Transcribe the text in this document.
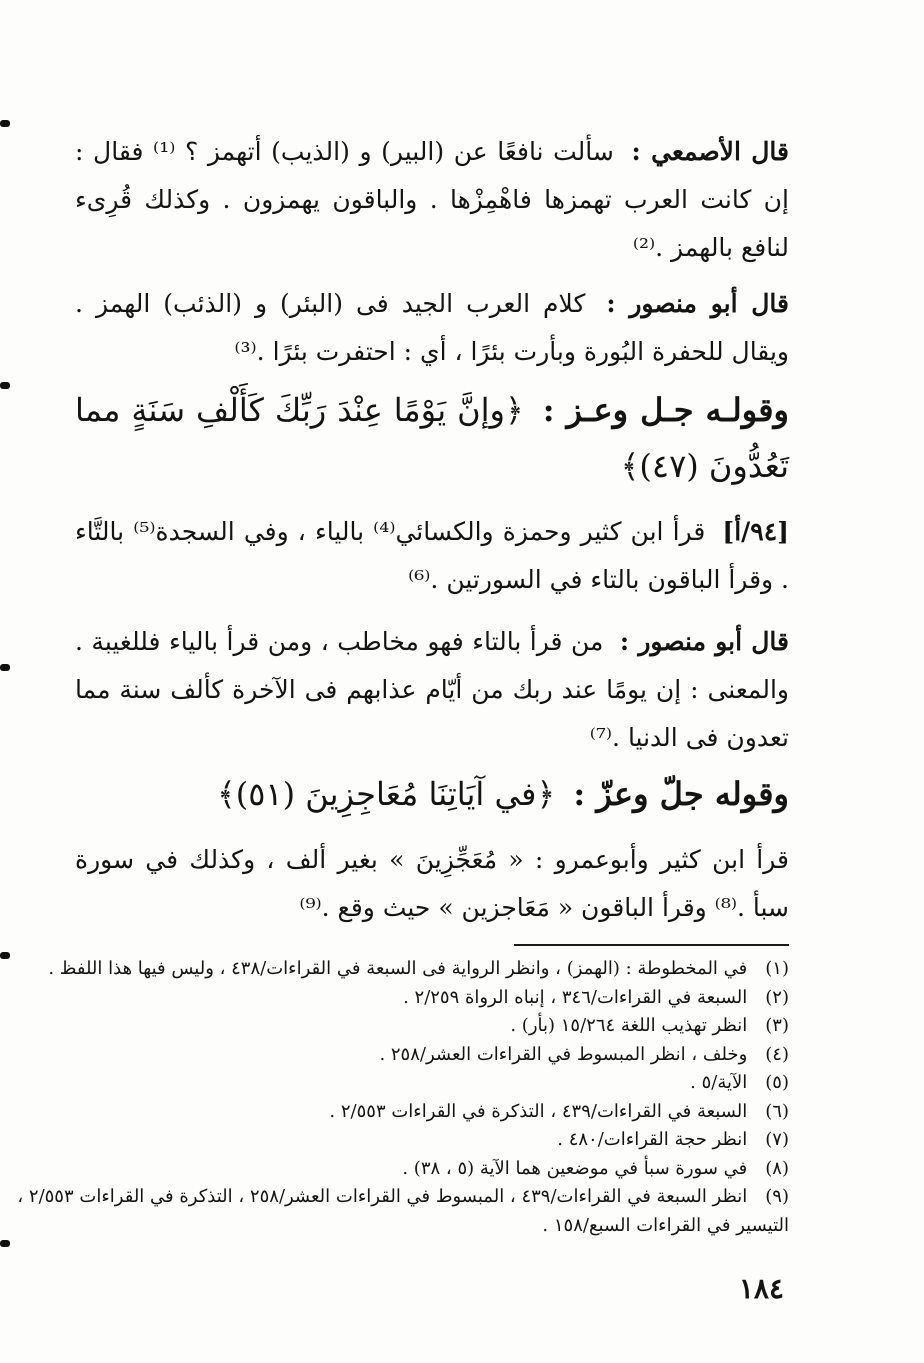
قال الأصمعي : سألت نافعًا عن (البير) و (الذيب) أتهمز ؟ ⁽¹⁾ فقال : إن كانت العرب تهمزها فاهْمِزْها . والباقون يهمزون . وكذلك قُرِىء لنافع بالهمز .⁽²⁾

قال أبو منصور : كلام العرب الجيد فى (البئر) و (الذئب) الهمز . ويقال للحفرة البُورة وبأرت بئرًا ، أي : احتفرت بئرًا .⁽³⁾

وقولـه جـل وعـز : ﴿وإنَّ يَوْمًا عِنْدَ رَبِّكَ كَأَلْفِ سَنَةٍ مما تَعُدُّونَ (٤٧)﴾

[٩٤/أ] قرأ ابن كثير وحمزة والكسائي⁽⁴⁾ بالياء ، وفي السجدة⁽⁵⁾ بالتَّاء . وقرأ الباقون بالتاء في السورتين .⁽⁶⁾

قال أبو منصور : من قرأ بالتاء فهو مخاطب ، ومن قرأ بالياء فللغيبة . والمعنى : إن يومًا عند ربك من أيّام عذابهم فى الآخرة كألف سنة مما تعدون فى الدنيا .⁽⁷⁾

وقوله جلّ وعزّ : ﴿في آيَاتِنَا مُعَاجِزِينَ (٥١)﴾

قرأ ابن كثير وأبوعمرو : « مُعَجِّزِينَ » بغير ألف ، وكذلك في سورة سبأ .⁽⁸⁾ وقرأ الباقون « مَعَاجزين » حيث وقع .⁽⁹⁾

(١) في المخطوطة : (الهمز) ، وانظر الرواية فى السبعة في القراءات/٤٣٨ ، وليس فيها هذا اللفظ .

(٢) السبعة في القراءات/٣٤٦ ، إنباه الرواة ٢/٢٥٩ .

(٣) انظر تهذيب اللغة ١٥/٢٦٤ (بأر) .

(٤) وخلف ، انظر المبسوط في القراءات العشر/٢٥٨ .

(٥) الآية/٥ .

(٦) السبعة في القراءات/٤٣٩ ، التذكرة في القراءات ٢/٥٥٣ .

(٧) انظر حجة القراءات/٤٨٠ .

(٨) في سورة سبأ في موضعين هما الآية (٥ ، ٣٨) .

(٩) انظر السبعة في القراءات/٤٣٩ ، المبسوط في القراءات العشر/٢٥٨ ، التذكرة في القراءات ٢/٥٥٣ ،

التيسير في القراءات السبع/١٥٨ .

١٨٤
